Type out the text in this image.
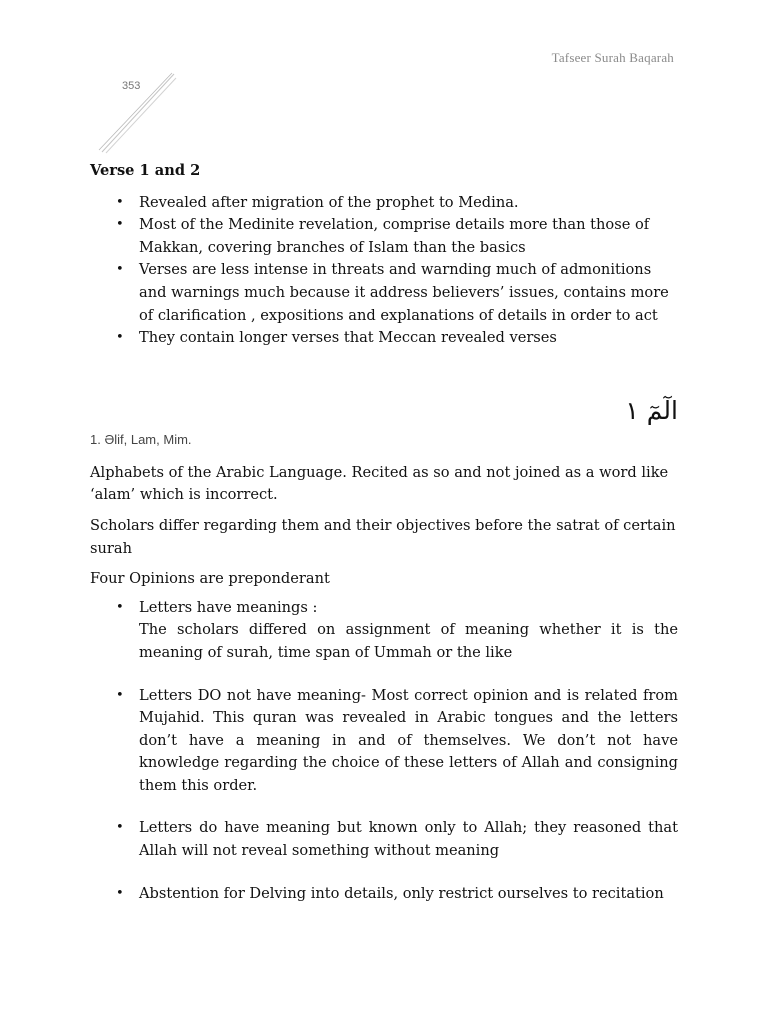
Tafseer Surah Baqarah
353
Verse 1 and 2
• Revealed after migration of the prophet to Medina.
• Most of the Medinite revelation, comprise details more than those of Makkan, covering branches of Islam than the basics
• Verses are less intense in threats and warnding much of admonitions and warnings much because it address believers’ issues, contains more of clarification , expositions and explanations of details in order to act
• They contain longer verses that Meccan revealed verses
الٓمٓ ١
1. Əlif, Lam, Mim.

Alphabets of the Arabic Language. Recited as so and not joined as a word like ‘alam’ which is incorrect.

Scholars differ regarding them and their objectives before the satrat of certain surah

Four Opinions are preponderant

• Letters have meanings :
The scholars differed on assignment of meaning whether it is the meaning of surah, time span of Ummah or the like
• Letters DO not have meaning- Most correct opinion and is related from Mujahid. This quran was revealed in Arabic tongues and the letters don’t have a meaning in and of themselves. We don’t not have knowledge regarding the choice of these letters of Allah and consigning them this order.
• Letters do have meaning but known only to Allah; they reasoned that Allah will not reveal something without meaning
• Abstention for Delving into details, only restrict ourselves to recitation
